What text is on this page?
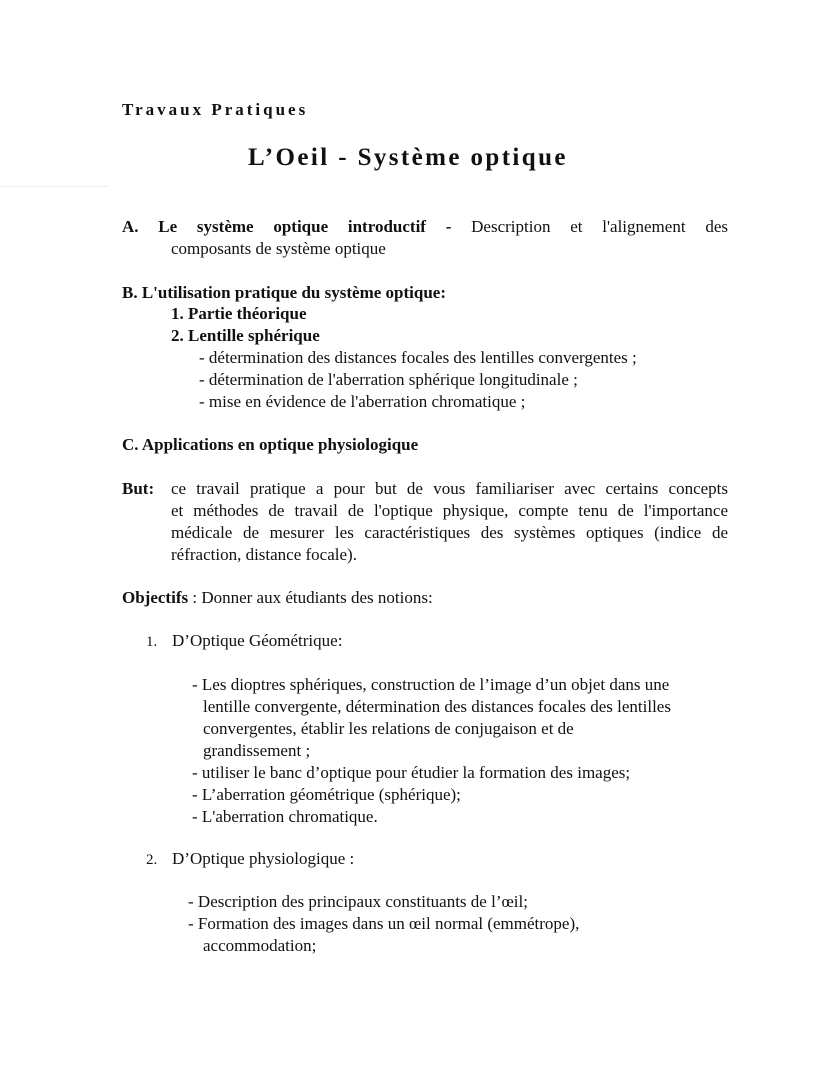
Travaux Pratiques
L’Oeil - Système optique
A. Le système optique introductif - Description et l'alignement des
composants de système optique
B. L'utilisation pratique du système optique:
1. Partie théorique
2. Lentille sphérique
- détermination des distances focales des lentilles convergentes ;
- détermination de l'aberration sphérique longitudinale ;
- mise en évidence de l'aberration chromatique ;
C. Applications en optique physiologique
But: ce travail pratique a pour but de vous familiariser avec certains concepts
et méthodes de travail de l'optique physique, compte tenu de l'importance
médicale de mesurer les caractéristiques des systèmes optiques (indice de
réfraction, distance focale).
Objectifs : Donner aux étudiants des notions:
1. D’Optique Géométrique:
- Les dioptres sphériques, construction de l’image d’un objet dans une
lentille convergente, détermination des distances focales des lentilles
convergentes, établir les relations de conjugaison et de
grandissement ;
- utiliser le banc d’optique pour étudier la formation des images;
- L’aberration géométrique (sphérique);
- L'aberration chromatique.
2. D’Optique physiologique :
- Description des principaux constituants de l’œil;
- Formation des images dans un œil normal (emmétrope),
accommodation;
